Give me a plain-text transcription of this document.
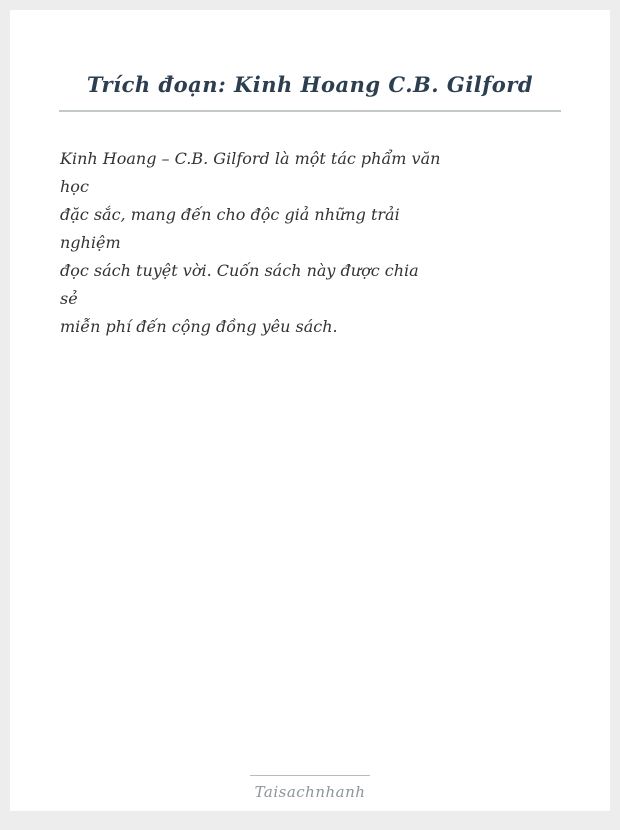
Trích đoạn: Kinh Hoang C.B. Gilford
Kinh Hoang – C.B. Gilford là một tác phẩm văn
học
đặc sắc, mang đến cho độc giả những trải
nghiệm
đọc sách tuyệt vời. Cuốn sách này được chia
sẻ
miễn phí đến cộng đồng yêu sách.
Taisachnhanh
